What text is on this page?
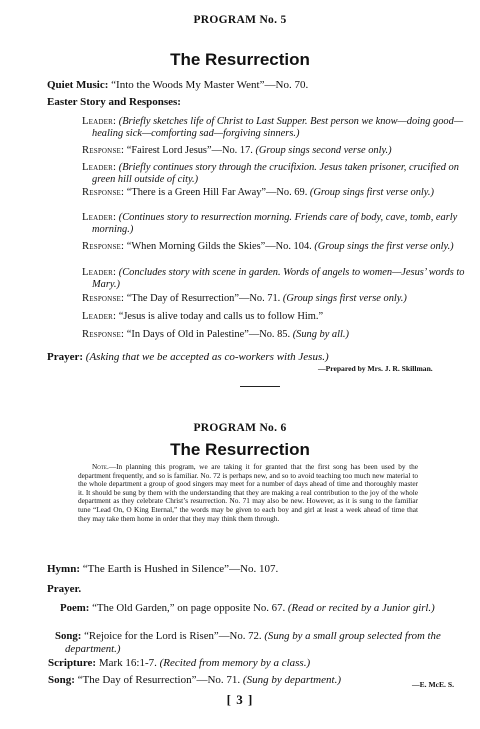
PROGRAM No. 5
The Resurrection
Quiet Music: “Into the Woods My Master Went”—No. 70.
Easter Story and Responses:
Leader: (Briefly sketches life of Christ to Last Supper. Best person we know—doing good—healing sick—comforting sad—forgiving sinners.)
Response: “Fairest Lord Jesus”—No. 17. (Group sings second verse only.)
Leader: (Briefly continues story through the crucifixion. Jesus taken prisoner, crucified on green hill outside of city.)
Response: “There is a Green Hill Far Away”—No. 69. (Group sings first verse only.)
Leader: (Continues story to resurrection morning. Friends care of body, cave, tomb, early morning.)
Response: “When Morning Gilds the Skies”—No. 104. (Group sings the first verse only.)
Leader: (Concludes story with scene in garden. Words of angels to women—Jesus’ words to Mary.)
Response: “The Day of Resurrection”—No. 71. (Group sings first verse only.)
Leader: “Jesus is alive today and calls us to follow Him.”
Response: “In Days of Old in Palestine”—No. 85. (Sung by all.)
Prayer: (Asking that we be accepted as co-workers with Jesus.)
—Prepared by Mrs. J. R. Skillman.
PROGRAM No. 6
The Resurrection
Note.—In planning this program, we are taking it for granted that the first song has been used by the department frequently, and so is familiar. No. 72 is perhaps new, and so to avoid teaching too much new material to the whole department a group of good singers may meet for a number of days ahead of time and thoroughly master it. It should be sung by them with the understanding that they are making a real contribution to the joy of the whole department as they celebrate Christ’s resurrection. No. 71 may also be new. However, as it is sung to the familiar tune “Lead On, O King Eternal,” the words may be given to each boy and girl at least a week ahead of time that they may take them home in order that they may think them through.
Hymn: “The Earth is Hushed in Silence”—No. 107.
Prayer.
Poem: “The Old Garden,” on page opposite No. 67. (Read or recited by a Junior girl.)
Song: “Rejoice for the Lord is Risen”—No. 72. (Sung by a small group selected from the department.)
Scripture: Mark 16:1-7. (Recited from memory by a class.)
Song: “The Day of Resurrection”—No. 71. (Sung by department.)	—E. McE. S.
[ 3 ]
